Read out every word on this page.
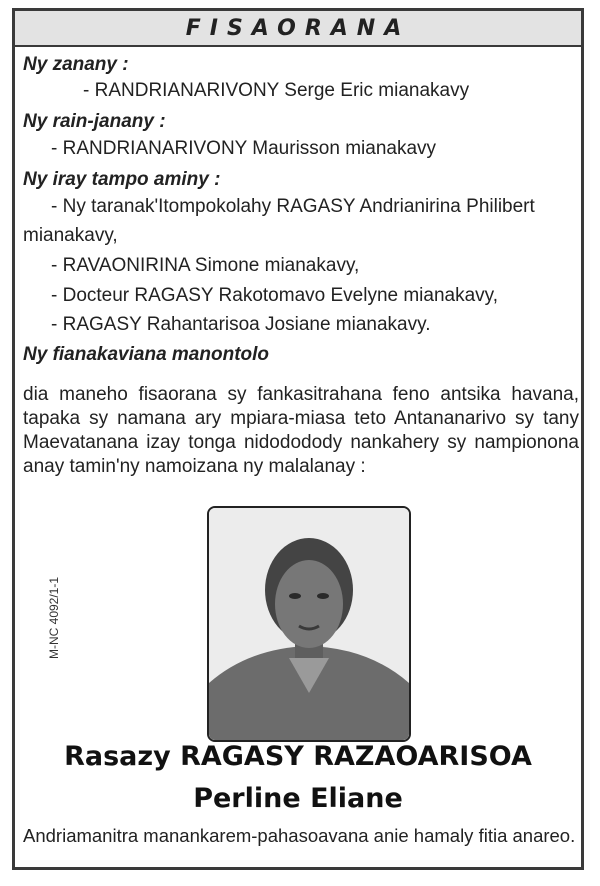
FISAORANA
Ny zanany :
- RANDRIANARIVONY Serge Eric mianakavy
Ny rain-janany :
- RANDRIANARIVONY Maurisson mianakavy
Ny iray tampo aminy :
- Ny taranak'Itompokolahy RAGASY Andrianirina Philibert
mianakavy,
- RAVAONIRINA Simone mianakavy,
- Docteur RAGASY Rakotomavo Evelyne mianakavy,
- RAGASY Rahantarisoa Josiane mianakavy.
Ny fianakaviana manontolo
dia maneho fisaorana sy fankasitrahana feno antsika havana,
tapaka sy namana ary mpiara-miasa teto Antananarivo sy tany
Maevatanana izay tonga nidododody nankahery sy nampionona
anay tamin'ny namoizana ny malalanay :
M-NC 4092/1-1
Rasazy RAGASY RAZAOARISOA
Perline Eliane
Andriamanitra manankarem-pahasoavana anie hamaly fitia anareo.
